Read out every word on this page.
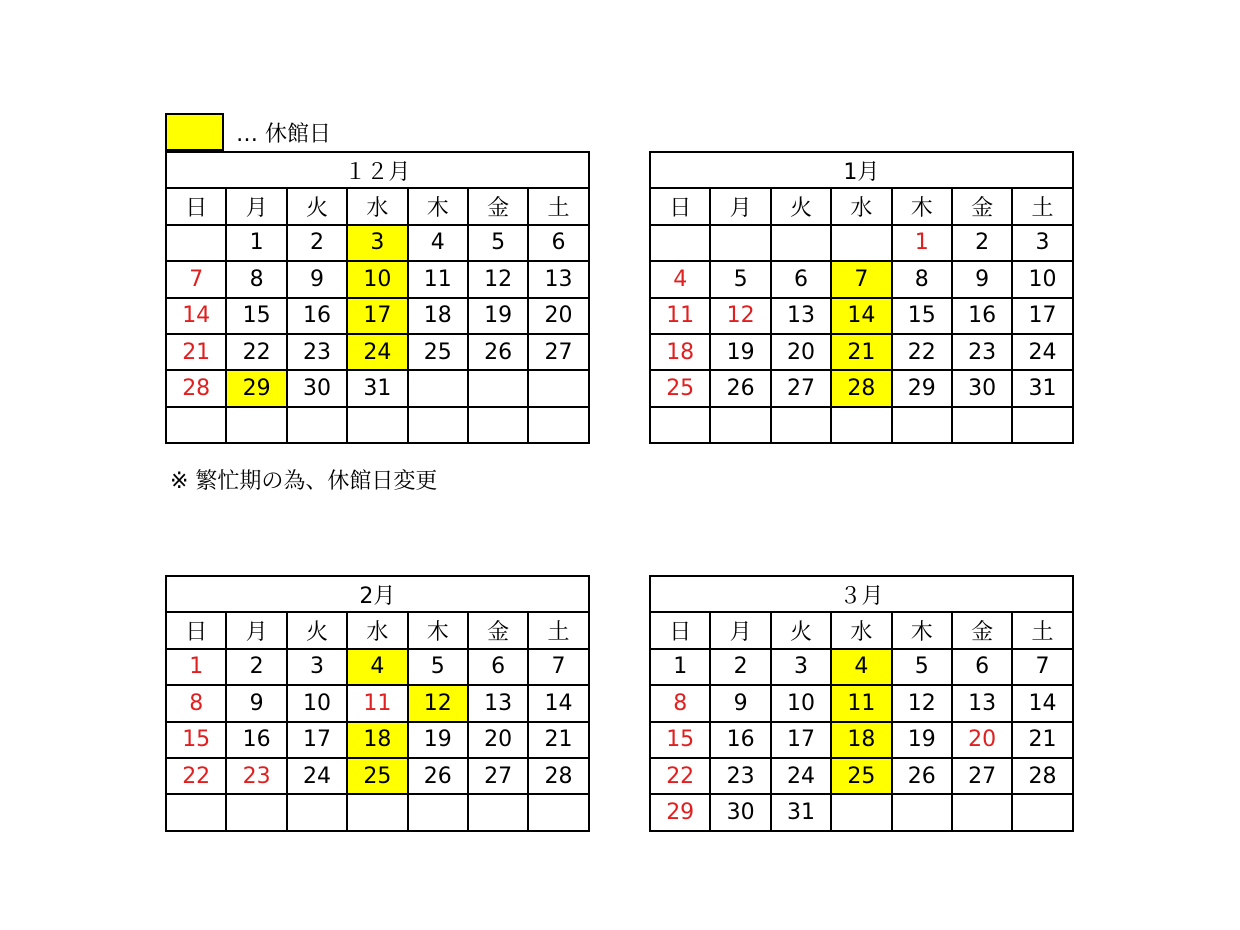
… 休館日
１２月						
日	月	火	水	木	金	土
	1	2	3	4	5	6
7	8	9	10	11	12	13
14	15	16	17	18	19	20
21	22	23	24	25	26	27
28	29	30	31			

1月						
日	月	火	水	木	金	土
				1	2	3
4	5	6	7	8	9	10
11	12	13	14	15	16	17
18	19	20	21	22	23	24
25	26	27	28	29	30	31

2月						
日	月	火	水	木	金	土
1	2	3	4	5	6	7
8	9	10	11	12	13	14
15	16	17	18	19	20	21
22	23	24	25	26	27	28

３月						
日	月	火	水	木	金	土
1	2	3	4	5	6	7
8	9	10	11	12	13	14
15	16	17	18	19	20	21
22	23	24	25	26	27	28
29	30	31				
※ 繁忙期の為、休館日変更
